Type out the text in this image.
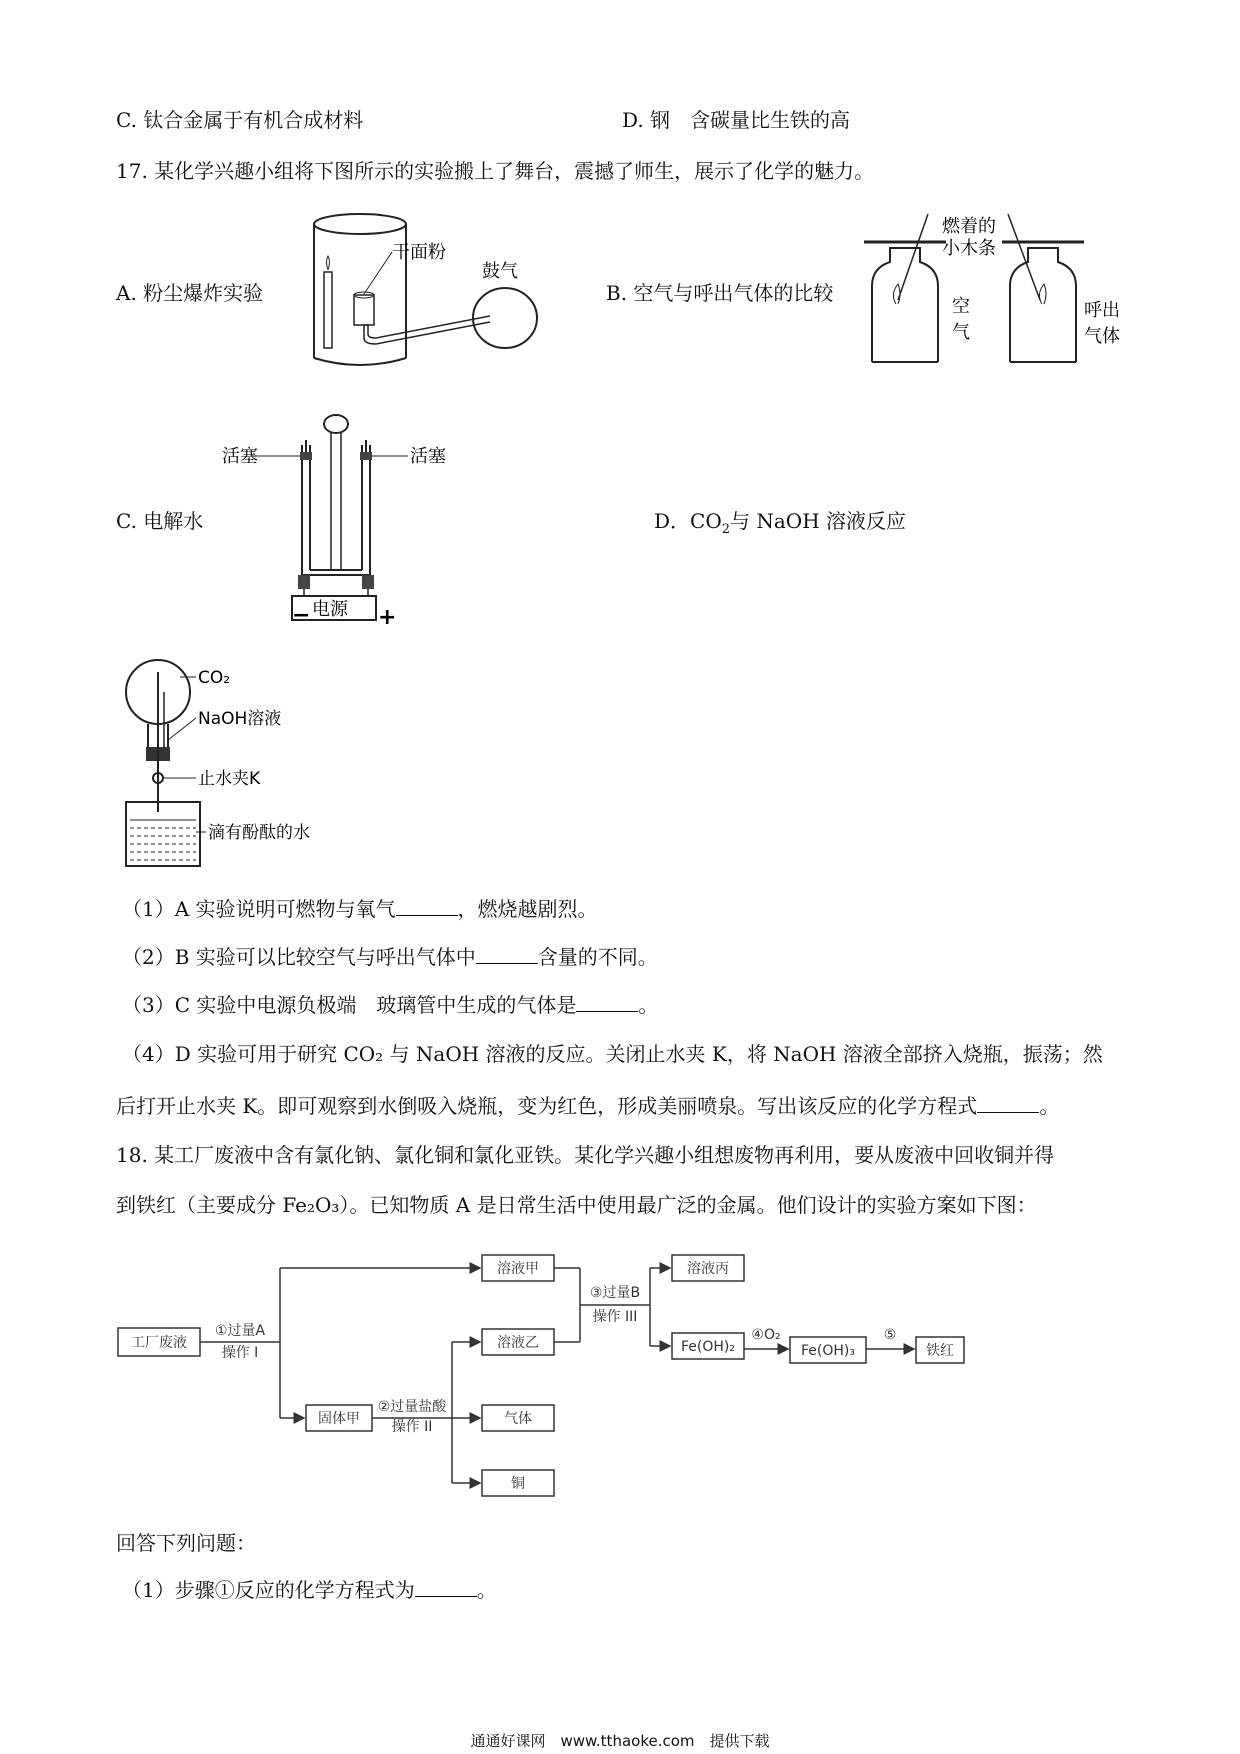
C. 钛合金属于有机合成材料	D. 钢　含碳量比生铁的高
17. 某化学兴趣小组将下图所示的实验搬上了舞台，震撼了师生，展示了化学的魅力。
A. 粉尘爆炸实验
干面粉
鼓气
B. 空气与呼出气体的比较
燃着的
小木条
空
气
呼出
气体
C. 电解水
活塞	活塞
电源
−	+
D．$CO_2$与 NaOH 溶液反应
CO₂
NaOH溶液
止水夹K
滴有酚酞的水
（1）A 实验说明可燃物与氧气	，燃烧越剧烈。
（2）B 实验可以比较空气与呼出气体中	含量的不同。
（3）C 实验中电源负极端　玻璃管中生成的气体是	。
（4）D 实验可用于研究 CO₂ 与 NaOH 溶液的反应。关闭止水夹 K，将 NaOH 溶液全部挤入烧瓶，振荡；然
后打开止水夹 K。即可观察到水倒吸入烧瓶，变为红色，形成美丽喷泉。写出该反应的化学方程式	。
18. 某工厂废液中含有氯化钠、氯化铜和氯化亚铁。某化学兴趣小组想废物再利用，要从废液中回收铜并得
到铁红（主要成分 Fe₂O₃）。已知物质 A 是日常生活中使用最广泛的金属。他们设计的实验方案如下图：
工厂废液
①过量A
操作 I
溶液甲
固体甲
②过量盐酸
操作 II
溶液乙
气体
铜
③过量B
操作 III
溶液丙
Fe(OH)₂
④O₂
Fe(OH)₃
⑤
铁红
回答下列问题：
（1）步骤①反应的化学方程式为	。
通通好课网　www.tthaoke.com　提供下载
